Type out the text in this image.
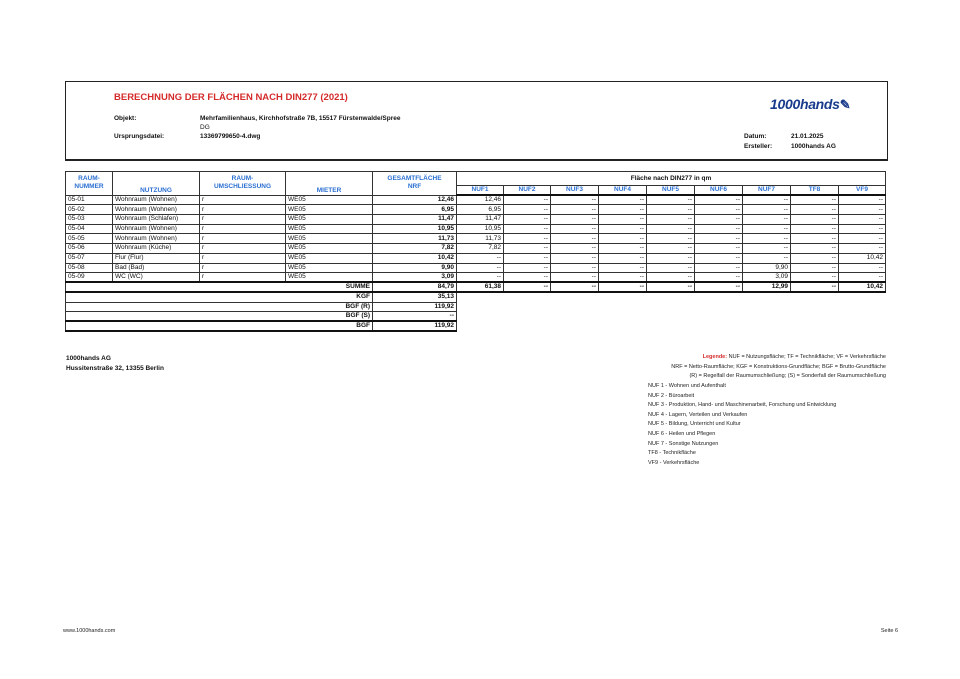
BERECHNUNG DER FLÄCHEN NACH DIN277 (2021)
Objekt:	Mehrfamilienhaus, Kirchhofstraße 7B, 15517 Fürstenwalde/Spree
DG
Ursprungsdatei:	13369799650-4.dwg
1000hands✎
Datum:	21.01.2025
Ersteller:	1000hands AG
RAUM-
NUMMER	NUTZUNG	RAUM-
UMSCHLIESSUNG	MIETER	GESAMTFLÄCHE
NRF	Fläche nach DIN277 in qm								
					NUF1	NUF2	NUF3	NUF4	NUF5	NUF6	NUF7	TF8	VF9
05-01	Wohnraum (Wohnen)	r	WE05	12,46	12,46	--	--	--	--	--	--	--	--
05-02	Wohnraum (Wohnen)	r	WE05	6,95	6,95	--	--	--	--	--	--	--	--
05-03	Wohnraum (Schlafen)	r	WE05	11,47	11,47	--	--	--	--	--	--	--	--
05-04	Wohnraum (Wohnen)	r	WE05	10,95	10,95	--	--	--	--	--	--	--	--
05-05	Wohnraum (Wohnen)	r	WE05	11,73	11,73	--	--	--	--	--	--	--	--
05-06	Wohnraum (Küche)	r	WE05	7,82	7,82	--	--	--	--	--	--	--	--
05-07	Flur (Flur)	r	WE05	10,42	--	--	--	--	--	--	--	--	10,42
05-08	Bad (Bad)	r	WE05	9,90	--	--	--	--	--	--	9,90	--	--
05-09	WC (WC)	r	WE05	3,09	--	--	--	--	--	--	3,09	--	--
SUMME				84,79	61,38	--	--	--	--	--	12,99	--	10,42
KGF				35,13									
BGF (R)				119,92									
BGF (S)				--									
BGF				119,92									
1000hands AG
Hussitenstraße 32, 13355 Berlin
Legende: NUF = Nutzungsfläche; TF = Technikfläche; VF = Verkehrsfläche
NRF = Netto-Raumfläche; KGF = Konstruktions-Grundfläche; BGF = Brutto-Grundfläche
(R) = Regelfall der Raumumschließung; (S) = Sonderfall der Raumumschließung
NUF 1 - Wohnen und Aufenthalt
NUF 2 - Büroarbeit
NUF 3 - Produktion, Hand- und Maschinenarbeit, Forschung und Entwicklung
NUF 4 - Lagern, Verteilen und Verkaufen
NUF 5 - Bildung, Unterricht und Kultur
NUF 6 - Heilen und Pflegen
NUF 7 - Sonstige Nutzungen
TF8 - Technikfläche
VF9 - Verkehrsfläche
www.1000hands.com	Seite 6
